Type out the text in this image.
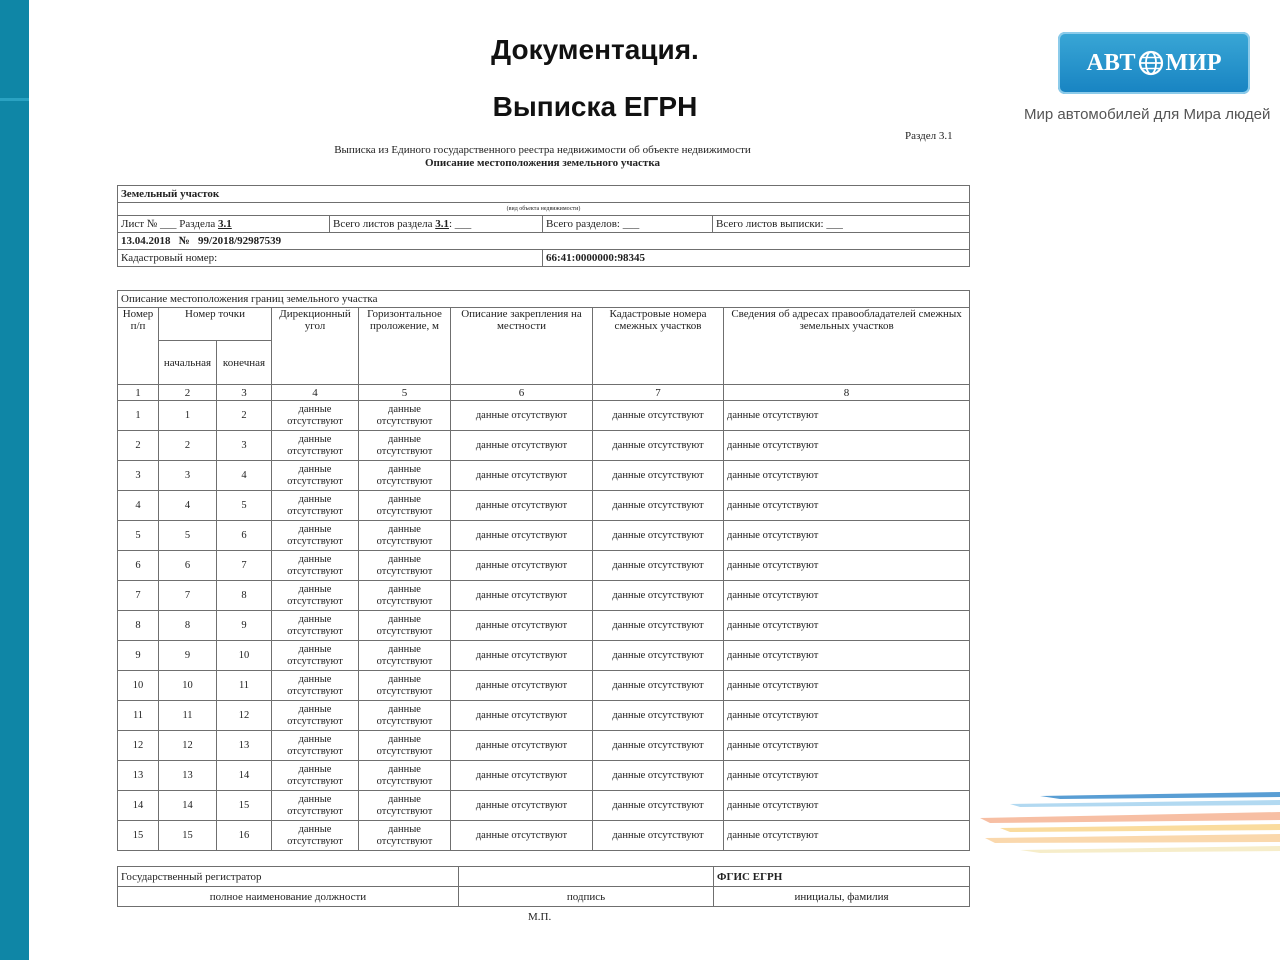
Документация.
Выписка ЕГРН
АВТ МИР
Мир автомобилей для Мира людей
Раздел 3.1
Выписка из Единого государственного реестра недвижимости об объекте недвижимости
Описание местоположения земельного участка
Земельный участок			
(вид объекта недвижимости)			
Лист № ___ Раздела 3.1	Всего листов раздела 3.1: ___	Всего разделов: ___	Всего листов выписки: ___
13.04.2018   №   99/2018/92987539			
Кадастровый номер:		66:41:0000000:98345	
Описание местоположения границ земельного участка							
Номер п/п	Номер точки		Дирекционный угол	Горизонтальное проложение, м	Описание закрепления на местности	Кадастровые номера смежных участков	Сведения об адресах правообладателей смежных земельных участков
	начальная	конечная					
1	2	3	4	5	6	7	8
1	1	2	данные отсутствуют	данные отсутствуют	данные отсутствуют	данные отсутствуют	данные отсутствуют
2	2	3	данные отсутствуют	данные отсутствуют	данные отсутствуют	данные отсутствуют	данные отсутствуют
3	3	4	данные отсутствуют	данные отсутствуют	данные отсутствуют	данные отсутствуют	данные отсутствуют
4	4	5	данные отсутствуют	данные отсутствуют	данные отсутствуют	данные отсутствуют	данные отсутствуют
5	5	6	данные отсутствуют	данные отсутствуют	данные отсутствуют	данные отсутствуют	данные отсутствуют
6	6	7	данные отсутствуют	данные отсутствуют	данные отсутствуют	данные отсутствуют	данные отсутствуют
7	7	8	данные отсутствуют	данные отсутствуют	данные отсутствуют	данные отсутствуют	данные отсутствуют
8	8	9	данные отсутствуют	данные отсутствуют	данные отсутствуют	данные отсутствуют	данные отсутствуют
9	9	10	данные отсутствуют	данные отсутствуют	данные отсутствуют	данные отсутствуют	данные отсутствуют
10	10	11	данные отсутствуют	данные отсутствуют	данные отсутствуют	данные отсутствуют	данные отсутствуют
11	11	12	данные отсутствуют	данные отсутствуют	данные отсутствуют	данные отсутствуют	данные отсутствуют
12	12	13	данные отсутствуют	данные отсутствуют	данные отсутствуют	данные отсутствуют	данные отсутствуют
13	13	14	данные отсутствуют	данные отсутствуют	данные отсутствуют	данные отсутствуют	данные отсутствуют
14	14	15	данные отсутствуют	данные отсутствуют	данные отсутствуют	данные отсутствуют	данные отсутствуют
15	15	16	данные отсутствуют	данные отсутствуют	данные отсутствуют	данные отсутствуют	данные отсутствуют
Государственный регистратор		ФГИС ЕГРН
полное наименование должности	подпись	инициалы, фамилия
М.П.
